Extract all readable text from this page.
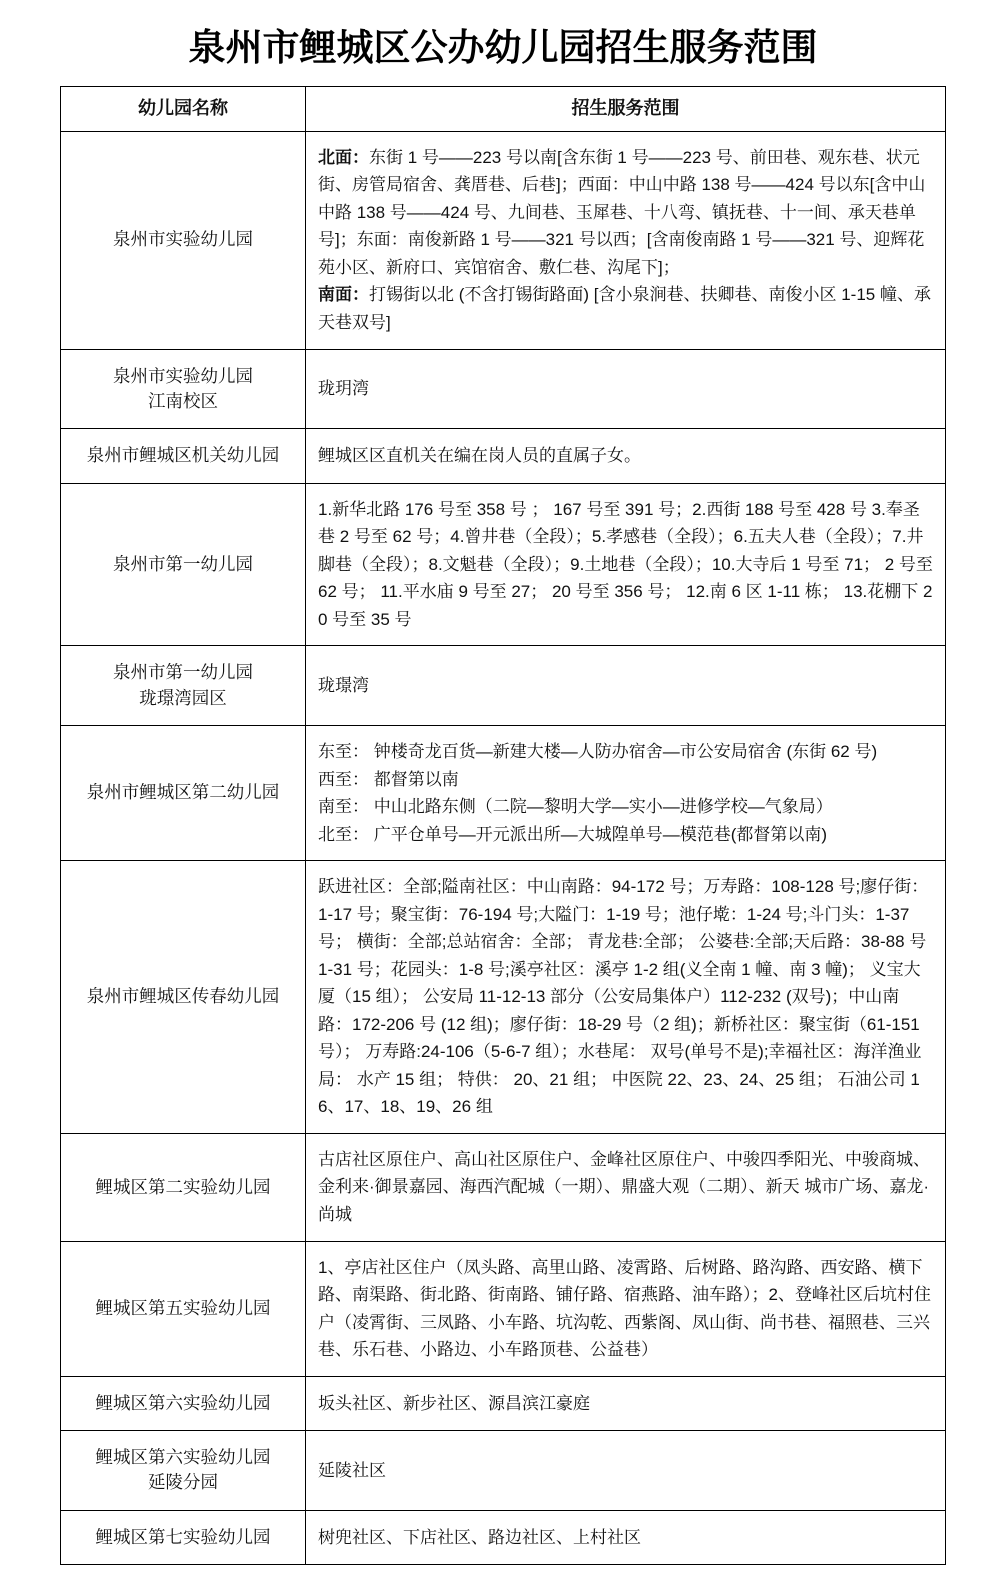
泉州市鲤城区公办幼儿园招生服务范围
幼儿园名称	招生服务范围
泉州市实验幼儿园	北面：东街 1 号——223 号以南[含东街 1 号——223 号、前田巷、观东巷、状元街、房管局宿舍、龚厝巷、后巷]；西面：中山中路 138 号——424 号以东[含中山中路 138 号——424 号、九间巷、玉犀巷、十八弯、镇抚巷、十一间、承天巷单号]；东面：南俊新路 1 号——321 号以西；[含南俊南路 1 号——321 号、迎辉花苑小区、新府口、宾馆宿舍、敷仁巷、沟尾下]；

南面：打锡街以北 (不含打锡街路面) [含小泉涧巷、扶卿巷、南俊小区 1-15 幢、承天巷双号]

泉州市实验幼儿园
江南校区	珑玥湾

泉州市鲤城区机关幼儿园	鲤城区区直机关在编在岗人员的直属子女。

泉州市第一幼儿园	1.新华北路 176 号至 358 号 ； 167 号至 391 号；2.西街 188 号至 428 号 3.奉圣巷 2 号至 62 号；4.曾井巷（全段）；5.孝感巷（全段）；6.五夫人巷（全段）；7.井脚巷（全段）；8.文魁巷（全段）；9.土地巷（全段）；10.大寺后 1 号至 71； 2 号至 62 号； 11.平水庙 9 号至 27； 20 号至 356 号； 12.南 6 区 1-11 栋； 13.花棚下 20 号至 35 号

泉州市第一幼儿园
珑璟湾园区	珑璟湾

泉州市鲤城区第二幼儿园	东至： 钟楼奇龙百货—新建大楼—人防办宿舍—市公安局宿舍 (东街 62 号)

西至： 都督第以南

南至： 中山北路东侧（二院—黎明大学—实小—进修学校—气象局）

北至： 广平仓单号—开元派出所—大城隍单号—模范巷(都督第以南)

泉州市鲤城区传春幼儿园	跃进社区：全部;隘南社区：中山南路：94-172 号；万寿路：108-128 号;廖仔街：1-17 号；聚宝街：76-194 号;大隘门：1-19 号；池仔墘：1-24 号;斗门头：1-37 号； 横街：全部;总站宿舍：全部； 青龙巷:全部； 公婆巷:全部;天后路：38-88 号 1-31 号；花园头：1-8 号;溪亭社区：溪亭 1-2 组(义全南 1 幢、南 3 幢)； 义宝大厦（15 组）； 公安局 11-12-13 部分（公安局集体户）112-232 (双号)；中山南路：172-206 号 (12 组)；廖仔街：18-29 号（2 组)；新桥社区：聚宝街（61-151 号）； 万寿路:24-106（5-6-7 组）；水巷尾： 双号(单号不是);幸福社区：海洋渔业局： 水产 15 组； 特供： 20、21 组； 中医院 22、23、24、25 组； 石油公司 16、17、18、19、26 组

鲤城区第二实验幼儿园	古店社区原住户、高山社区原住户、金峰社区原住户、中骏四季阳光、中骏商城、金利来·御景嘉园、海西汽配城（一期）、鼎盛大观（二期）、新天 城市广场、嘉龙·尚城

鲤城区第五实验幼儿园	1、亭店社区住户（凤头路、高里山路、凌霄路、后树路、路沟路、西安路、横下路、南渠路、街北路、街南路、铺仔路、宿燕路、油车路）；2、登峰社区后坑村住户（凌霄街、三凤路、小车路、坑沟乾、西紫阁、凤山街、尚书巷、福照巷、三兴巷、乐石巷、小路边、小车路顶巷、公益巷）

鲤城区第六实验幼儿园	坂头社区、新步社区、源昌滨江豪庭

鲤城区第六实验幼儿园
延陵分园	延陵社区

鲤城区第七实验幼儿园	树兜社区、下店社区、路边社区、上村社区
